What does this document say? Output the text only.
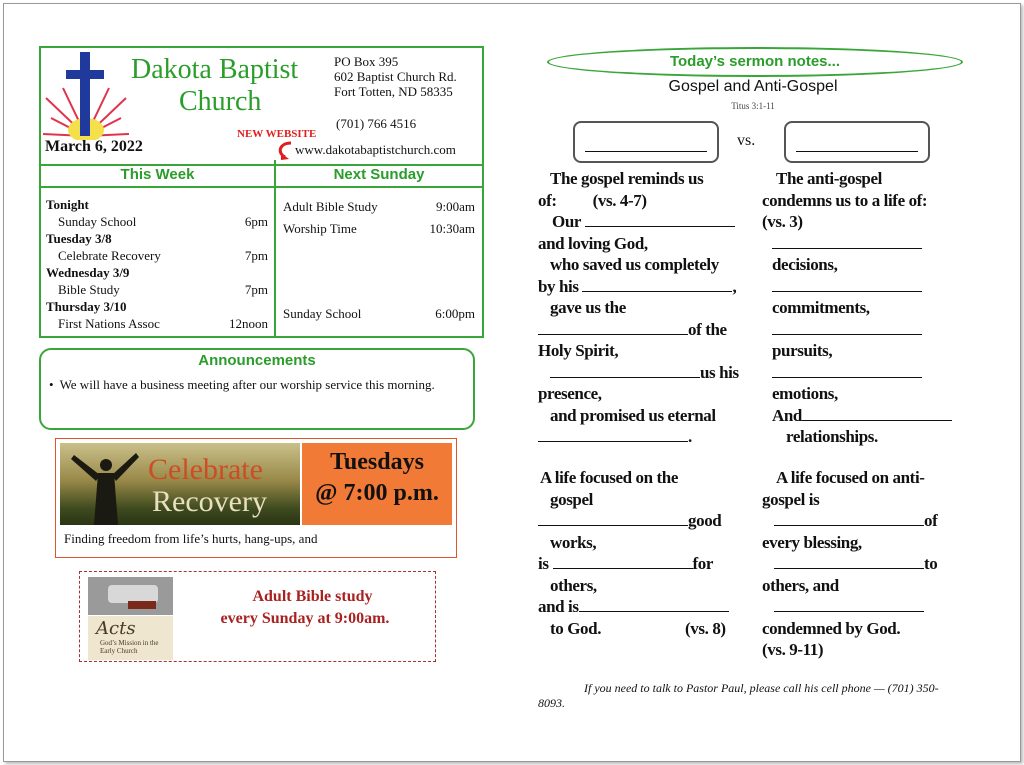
Dakota Baptist
Church
March 6, 2022
PO Box 395
602 Baptist Church Rd.
Fort Totten, ND 58335
(701) 766 4516
NEW WEBSITE
www.dakotabaptistchurch.com
This Week	Next Sunday
Tonight
Sunday School	6pm
Tuesday 3/8
Celebrate Recovery	7pm
Wednesday 3/9
Bible Study	7pm
Thursday 3/10
First Nations Assoc	12noon
Adult Bible Study	9:00am
Worship Time	10:30am
Sunday School	6:00pm
Announcements
• We will have a business meeting after our worship service this morning.
Celebrate
Recovery
Tuesdays
@ 7:00 p.m.
Finding freedom from life’s hurts, hang-ups, and
Acts
God’s Mission in the Early Church
Adult Bible study
every Sunday at 9:00am.
Today’s sermon notes...
Gospel and Anti-Gospel
Titus 3:1-11
vs.
The gospel reminds us
of: (vs. 4-7)
Our
and loving God,
who saved us completely
by his	,
gave us the
of the
Holy Spirit,
us his
presence,
and promised us eternal
.
The anti-gospel
condemns us to a life of:
(vs. 3)
decisions,
commitments,
pursuits,
emotions,
And
relationships.
A life focused on the
gospel
good
works,
is	for
others,
and is
to God.	(vs. 8)
A life focused on anti-
gospel is
of
every blessing,
to
others, and
condemned by God.
(vs. 9-11)
If you need to talk to Pastor Paul, please call his cell phone — (701) 350-8093.
